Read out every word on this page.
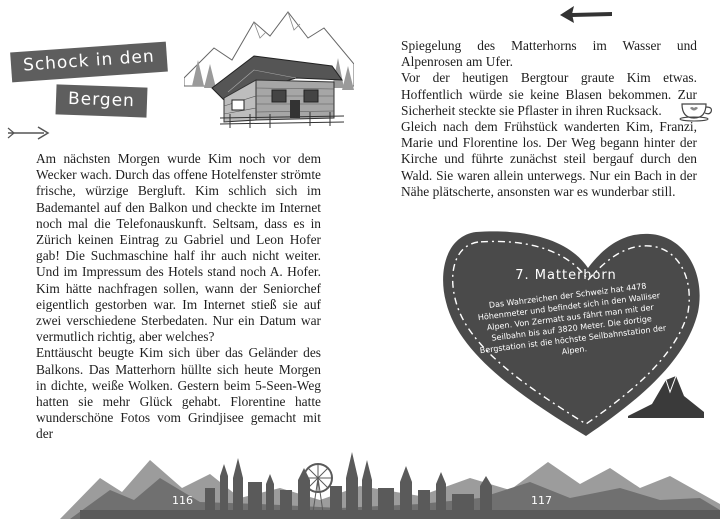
Schock in den
Bergen

Am nächsten Morgen wurde Kim noch vor dem Wecker wach. Durch das offene Hotelfenster strömte frische, würzige Bergluft. Kim schlich sich im Bademantel auf den Balkon und checkte im Internet noch mal die Telefonauskunft. Seltsam, dass es in Zürich keinen Eintrag zu Gabriel und Leon Hofer gab! Die Suchmaschine half ihr auch nicht weiter. Und im Impressum des Hotels stand noch A. Hofer. Kim hätte nachfragen sollen, wann der Seniorchef eigentlich gestorben war. Im Internet stieß sie auf zwei verschiedene Sterbedaten. Nur ein Datum war vermutlich richtig, aber welches?

Enttäuscht beugte Kim sich über das Geländer des Balkons. Das Matterhorn hüllte sich heute Morgen in dichte, weiße Wolken. Gestern beim 5-Seen-Weg hatten sie mehr Glück gehabt. Florentine hatte wunderschöne Fotos vom Grindjisee gemacht mit der

Spiegelung des Matterhorns im Wasser und Alpenrosen am Ufer.

Vor der heutigen Bergtour graute Kim etwas. Hoffentlich würde sie keine Blasen bekommen. Zur Sicherheit steckte sie Pflaster in ihren Rucksack.

Gleich nach dem Frühstück wanderten Kim, Franzi, Marie und Florentine los. Der Weg begann hinter der Kirche und führte zunächst steil bergauf durch den Wald. Sie waren allein unterwegs. Nur ein Bach in der Nähe plätscherte, ansonsten war es wunderbar still.

7. Matterhorn
Das Wahrzeichen der Schweiz hat 4478 Höhenmeter und befindet sich in den Walliser Alpen. Von Zermatt aus fährt man mit der Seilbahn bis auf 3820 Meter. Die dortige Bergstation ist die höchste Seilbahnstation der Alpen.
116	117
